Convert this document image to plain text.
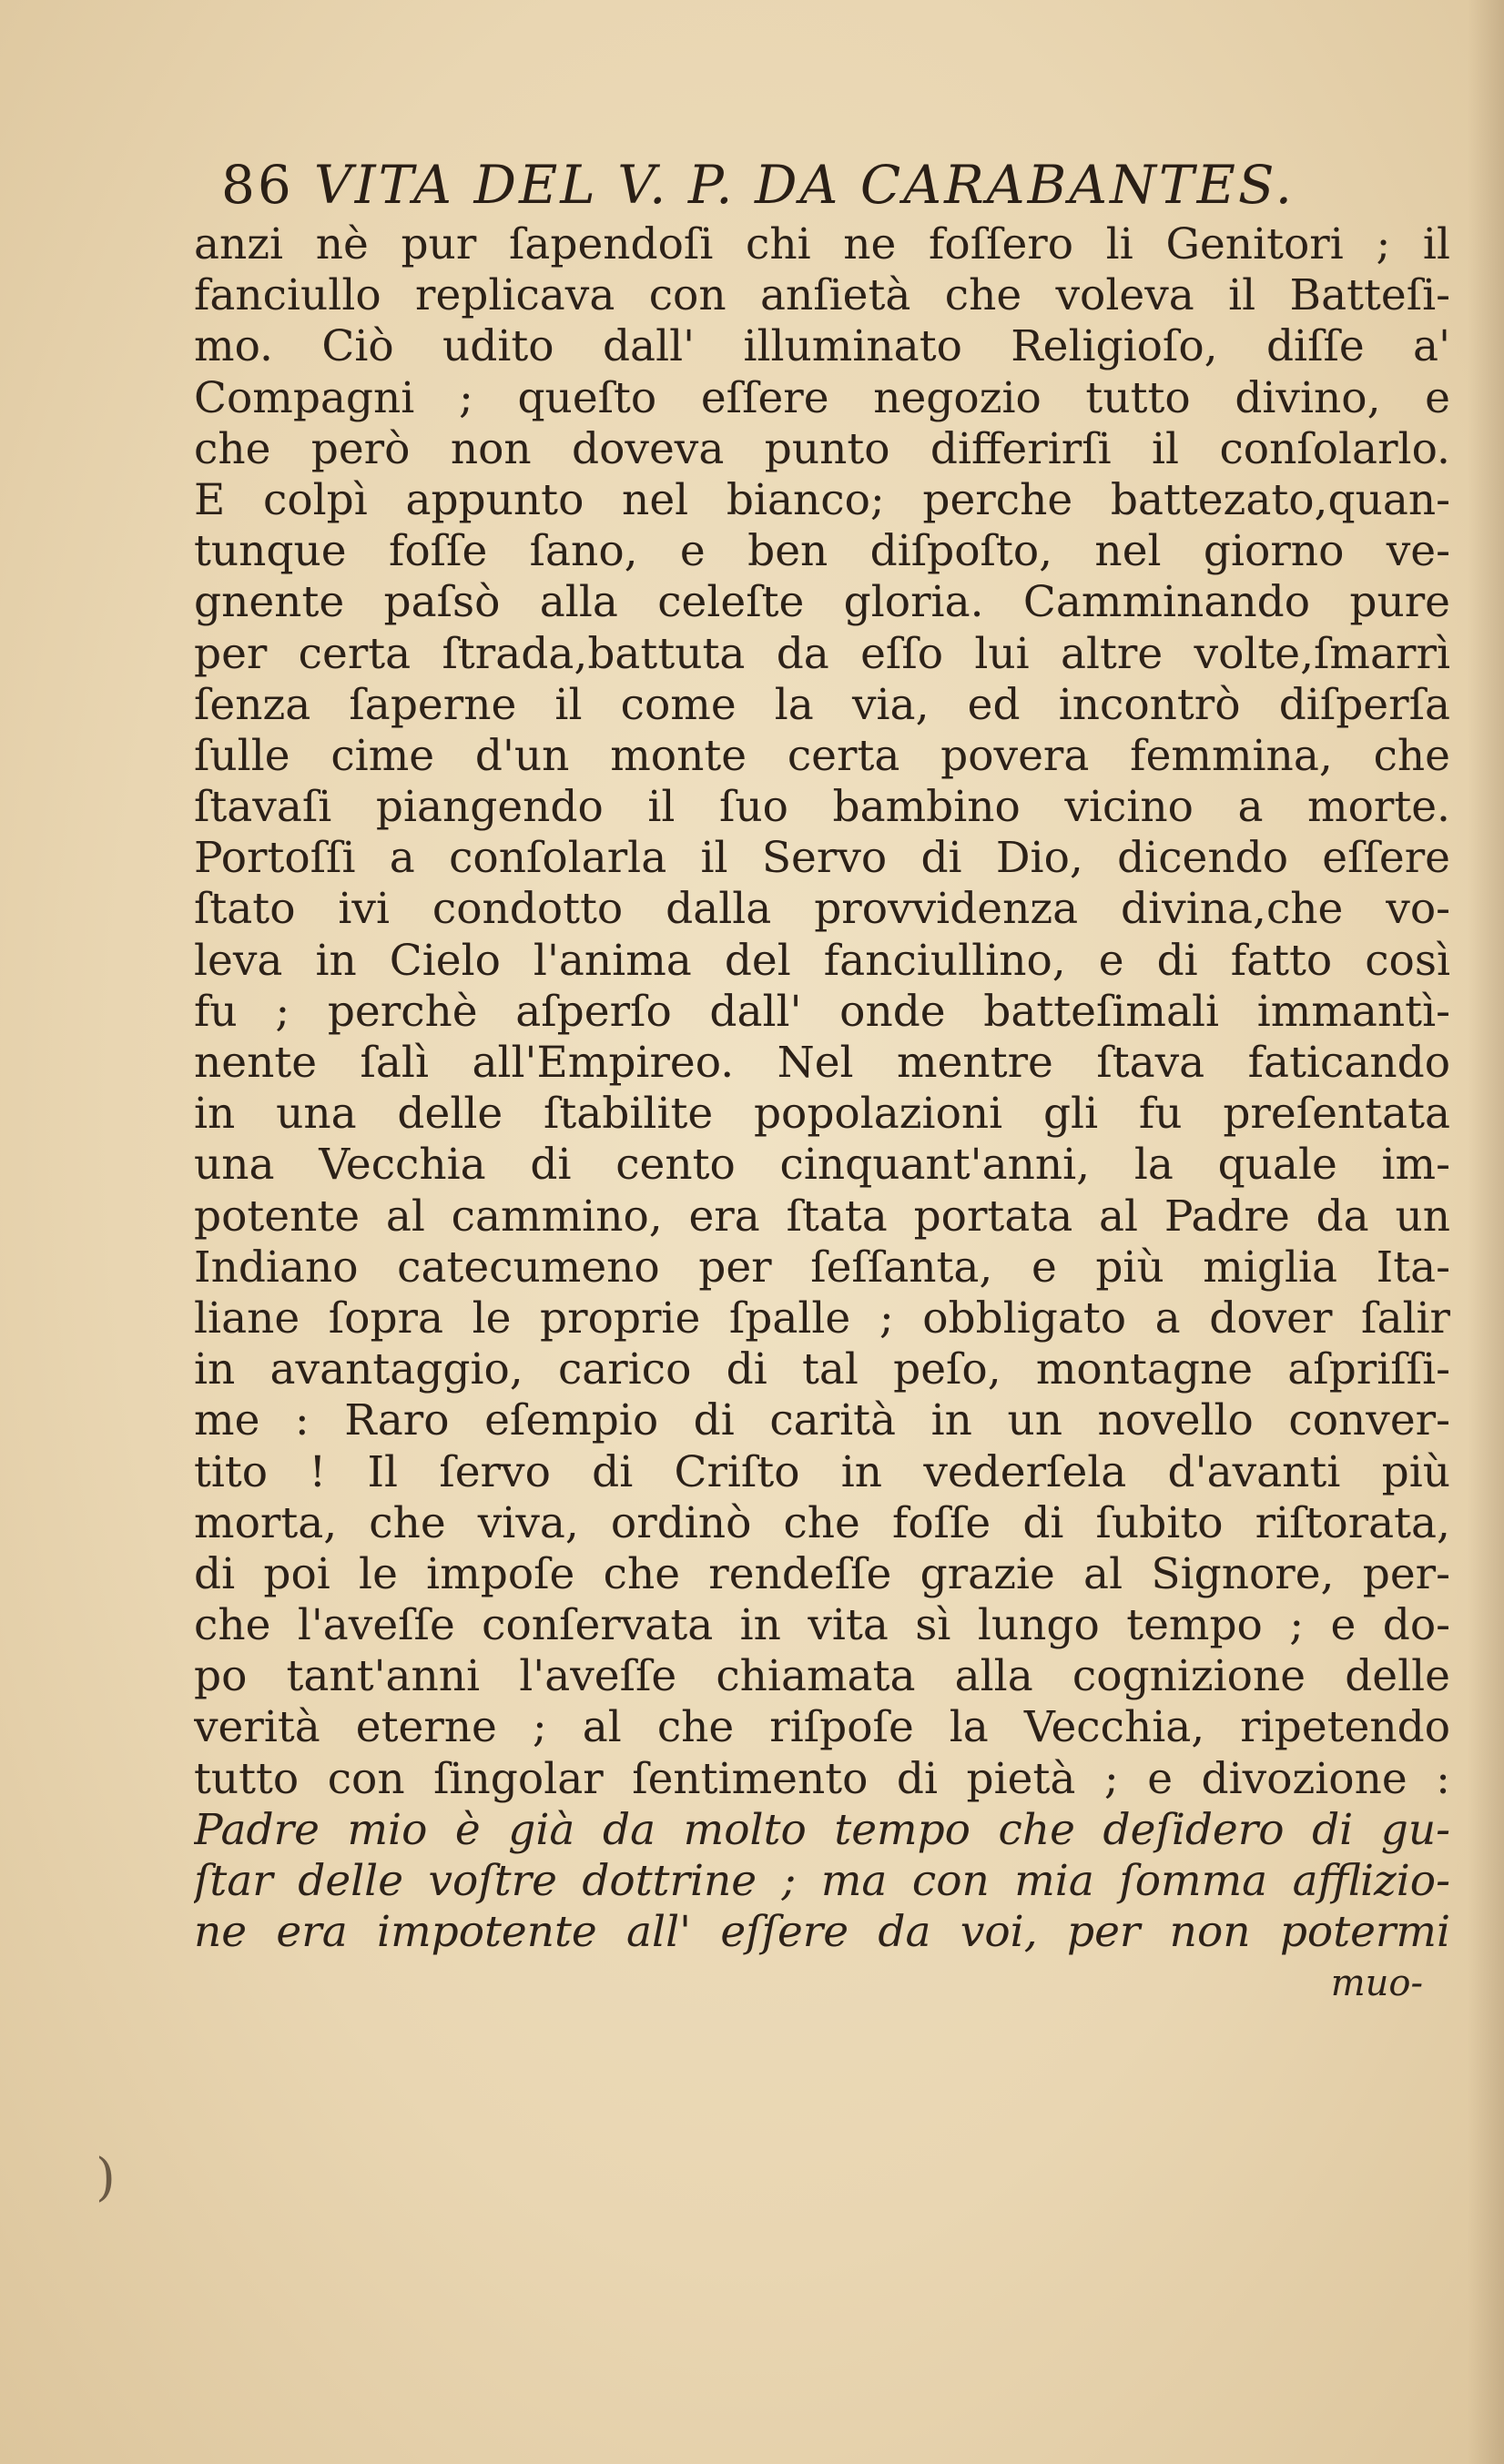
86 VITA DEL V. P. DA CARABANTES.
anzi nè pur ſapendoſi chi ne foſſero li Genitori ; il
fanciullo replicava con anſietà che voleva il Batteſi-
mo. Ciò udito dall' illuminato Religioſo, diſſe a'
Compagni ; queſto eſſere negozio tutto divino, e
che però non doveva punto differirſi il conſolarlo.
E colpì appunto nel bianco; perche battezato,quan-
tunque foſſe ſano, e ben diſpoſto, nel giorno ve-
gnente paſsò alla celeſte gloria. Camminando pure
per certa ſtrada,battuta da eſſo lui altre volte,ſmarrì
ſenza ſaperne il come la via, ed incontrò diſperſa
ſulle cime d'un monte certa povera femmina, che
ſtavaſi piangendo il ſuo bambino vicino a morte.
Portoſſi a conſolarla il Servo di Dio, dicendo eſſere
ſtato ivi condotto dalla provvidenza divina,che vo-
leva in Cielo l'anima del fanciullino, e di fatto così
fu ; perchè aſperſo dall' onde batteſimali immantì-
nente ſalì all'Empireo. Nel mentre ſtava faticando
in una delle ſtabilite popolazioni gli fu preſentata
una Vecchia di cento cinquant'anni, la quale im-
potente al cammino, era ſtata portata al Padre da un
Indiano catecumeno per ſeſſanta, e più miglia Ita-
liane ſopra le proprie ſpalle ; obbligato a dover ſalir
in avantaggio, carico di tal peſo, montagne aſpriſſi-
me : Raro eſempio di carità in un novello conver-
tito ! Il ſervo di Criſto in vederſela d'avanti più
morta, che viva, ordinò che foſſe di ſubito riſtorata,
di poi le impoſe che rendeſſe grazie al Signore, per-
che l'aveſſe conſervata in vita sì lungo tempo ; e do-
po tant'anni l'aveſſe chiamata alla cognizione delle
verità eterne ; al che riſpoſe la Vecchia, ripetendo
tutto con ſingolar ſentimento di pietà ; e divozione :
Padre mio è già da molto tempo che deſidero di gu-
ſtar delle voſtre dottrine ; ma con mia ſomma afflizio-
ne era impotente all' eſſere da voi, per non potermi
muo-
)
